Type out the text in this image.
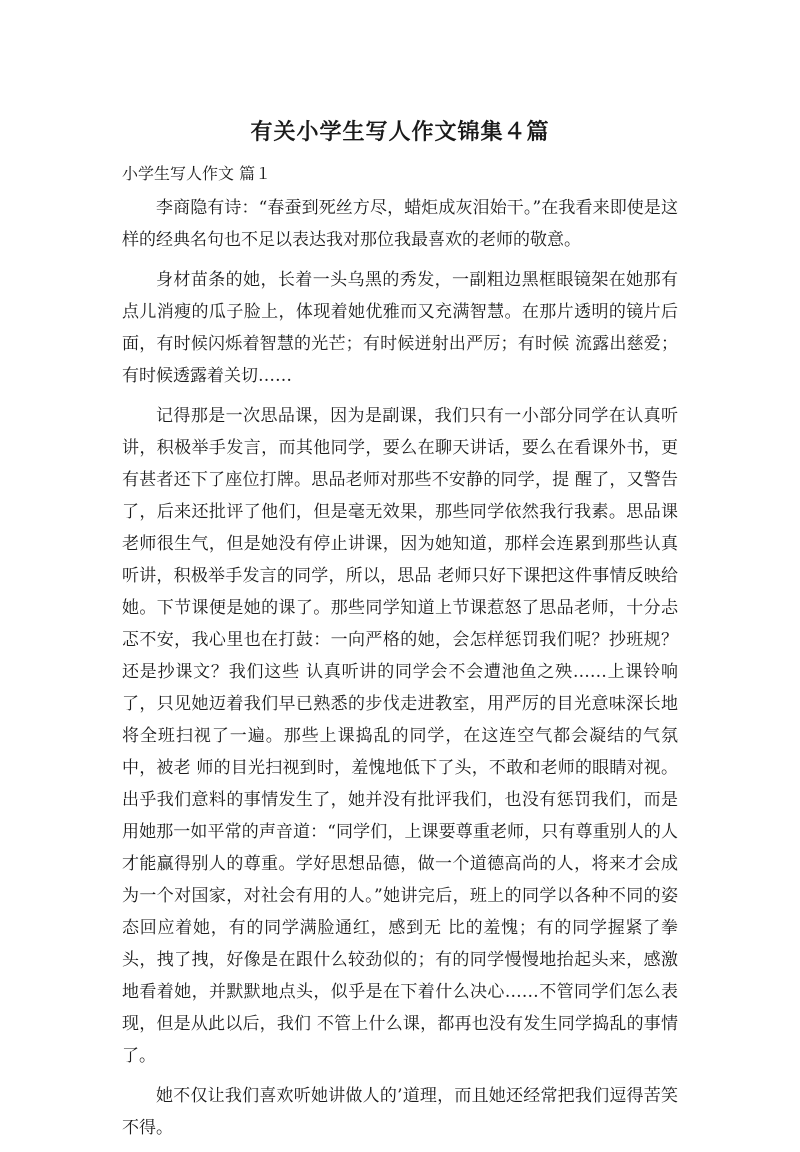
有关小学生写人作文锦集４篇

小学生写人作文 篇１

李商隐有诗：“春蚕到死丝方尽，蜡炬成灰泪始干。”在我看来即使是这样的经典名句也不足以表达我对那位我最喜欢的老师的敬意。

身材苗条的她，长着一头乌黑的秀发，一副粗边黑框眼镜架在她那有点儿消瘦的瓜子脸上，体现着她优雅而又充满智慧。在那片透明的镜片后面，有时候闪烁着智慧的光芒；有时候迸射出严厉；有时候 流露出慈爱；有时候透露着关切……

记得那是一次思品课，因为是副课，我们只有一小部分同学在认真听讲，积极举手发言，而其他同学，要么在聊天讲话，要么在看课外书，更有甚者还下了座位打牌。思品老师对那些不安静的同学，提 醒了，又警告了，后来还批评了他们，但是毫无效果，那些同学依然我行我素。思品课老师很生气，但是她没有停止讲课，因为她知道，那样会连累到那些认真听讲，积极举手发言的同学，所以，思品 老师只好下课把这件事情反映给她。下节课便是她的课了。那些同学知道上节课惹怒了思品老师，十分忐忑不安，我心里也在打鼓：一向严格的她，会怎样惩罚我们呢？抄班规？还是抄课文？我们这些 认真听讲的同学会不会遭池鱼之殃……上课铃响了，只见她迈着我们早已熟悉的步伐走进教室，用严厉的目光意味深长地将全班扫视了一遍。那些上课捣乱的同学，在这连空气都会凝结的气氛中，被老 师的目光扫视到时，羞愧地低下了头，不敢和老师的眼睛对视。出乎我们意料的事情发生了，她并没有批评我们，也没有惩罚我们，而是用她那一如平常的声音道：“同学们，上课要尊重老师，只有尊重别人的人才能赢得别人的尊重。学好思想品德，做一个道德高尚的人，将来才会成为一个对国家，对社会有用的人。”她讲完后，班上的同学以各种不同的姿态回应着她，有的同学满脸通红，感到无 比的羞愧；有的同学握紧了拳头，拽了拽，好像是在跟什么较劲似的；有的同学慢慢地抬起头来，感激地看着她，并默默地点头，似乎是在下着什么决心……不管同学们怎么表现，但是从此以后，我们 不管上什么课，都再也没有发生同学捣乱的事情了。

她不仅让我们喜欢听她讲做人的’道理，而且她还经常把我们逗得苦笑不得。
